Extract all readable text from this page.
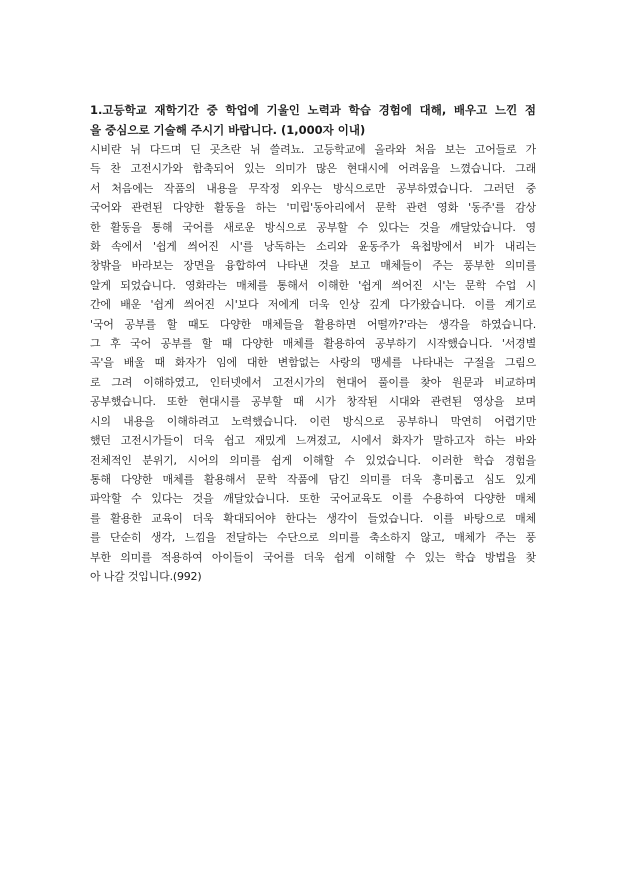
1.고등학교 재학기간 중 학업에 기울인 노력과 학습 경험에 대해, 배우고 느낀 점
을 중심으로 기술해 주시기 바랍니다. (1,000자 이내)

시비란 뉘 다드며 딘 곳츠란 뉘 쓸려뇨. 고등학교에 올라와 처음 보는 고어들로 가
득 찬 고전시가와 함축되어 있는 의미가 많은 현대시에 어려움을 느꼈습니다. 그래
서 처음에는 작품의 내용을 무작정 외우는 방식으로만 공부하였습니다. 그러던 중
국어와 관련된 다양한 활동을 하는 '미립'동아리에서 문학 관련 영화 '동주'를 감상
한 활동을 통해 국어를 새로운 방식으로 공부할 수 있다는 것을 깨달았습니다. 영
화 속에서 '쉽게 씌어진 시'를 낭독하는 소리와 윤동주가 육첩방에서 비가 내리는
창밖을 바라보는 장면을 융합하여 나타낸 것을 보고 매체들이 주는 풍부한 의미를
알게 되었습니다. 영화라는 매체를 통해서 이해한 '쉽게 씌어진 시'는 문학 수업 시
간에 배운 '쉽게 씌어진 시'보다 저에게 더욱 인상 깊게 다가왔습니다. 이를 계기로
'국어 공부를 할 때도 다양한 매체들을 활용하면 어떨까?'라는 생각을 하였습니다.
그 후 국어 공부를 할 때 다양한 매체를 활용하여 공부하기 시작했습니다. '서경별
곡'을 배울 때 화자가 임에 대한 변함없는 사랑의 맹세를 나타내는 구절을 그림으
로 그려 이해하였고, 인터넷에서 고전시가의 현대어 풀이를 찾아 원문과 비교하며
공부했습니다. 또한 현대시를 공부할 때 시가 창작된 시대와 관련된 영상을 보며
시의 내용을 이해하려고 노력했습니다. 이런 방식으로 공부하니 막연히 어렵기만
했던 고전시가들이 더욱 쉽고 재밌게 느껴졌고, 시에서 화자가 말하고자 하는 바와
전체적인 분위기, 시어의 의미를 쉽게 이해할 수 있었습니다. 이러한 학습 경험을
통해 다양한 매체를 활용해서 문학 작품에 담긴 의미를 더욱 흥미롭고 심도 있게
파악할 수 있다는 것을 깨달았습니다. 또한 국어교육도 이를 수용하여 다양한 매체
를 활용한 교육이 더욱 확대되어야 한다는 생각이 들었습니다. 이를 바탕으로 매체
를 단순히 생각, 느낌을 전달하는 수단으로 의미를 축소하지 않고, 매체가 주는 풍
부한 의미를 적용하여 아이들이 국어를 더욱 쉽게 이해할 수 있는 학습 방법을 찾
아 나갈 것입니다.(992)
